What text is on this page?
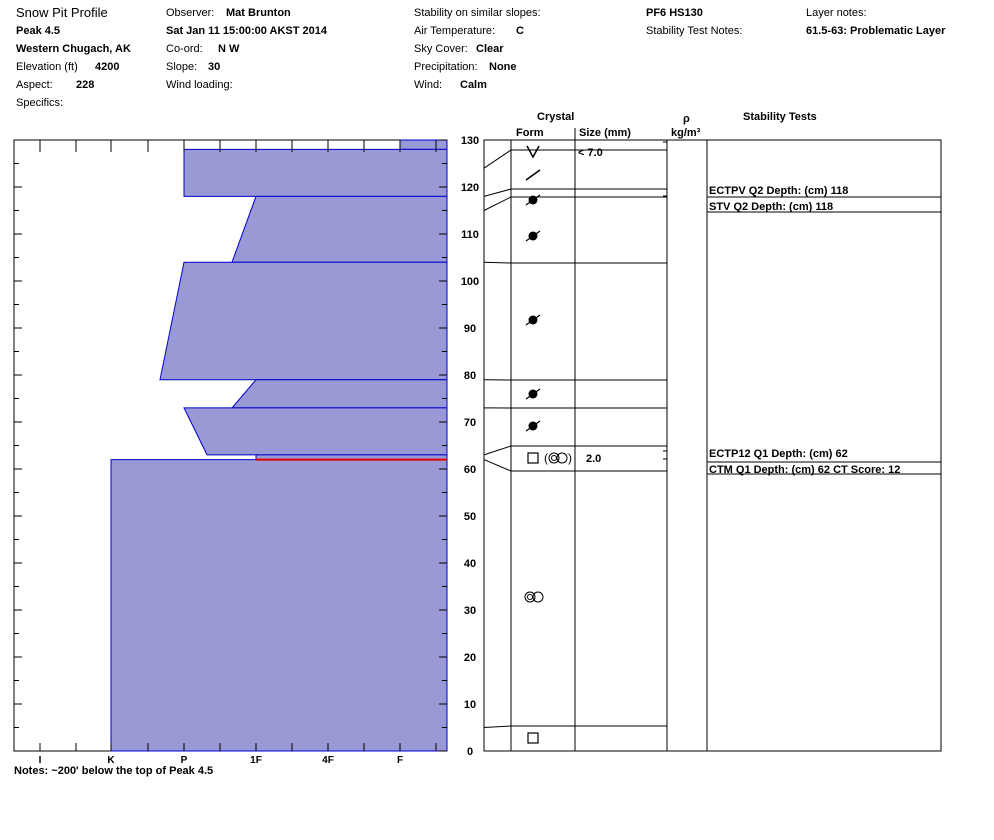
Snow Pit Profile
Peak 4.5
Western Chugach, AK
Elevation (ft) 4200
Aspect: 228
Specifics:
Observer: Mat Brunton
Sat Jan 11 15:00:00 AKST 2014
Co-ord: N W
Slope: 30
Wind loading:
Stability on similar slopes:
Air Temperature: C
Sky Cover: Clear
Precipitation: None
Wind: Calm
PF6 HS130
Stability Test Notes:
Layer notes:
61.5-63: Problematic Layer
Crystal
Form	Size (mm)
ρ
kg/m³
Stability Tests
Notes: ~200' below the top of Peak 4.5
I	K	P	1F	4F	F
0
10
20
30
40
50
60
70
80
90
100
110
120
130
< 7.0
( ) 2.0
ECTPV Q2 Depth: (cm) 118
STV Q2 Depth: (cm) 118
ECTP12 Q1 Depth: (cm) 62
CTM Q1 Depth: (cm) 62 CT Score: 12
